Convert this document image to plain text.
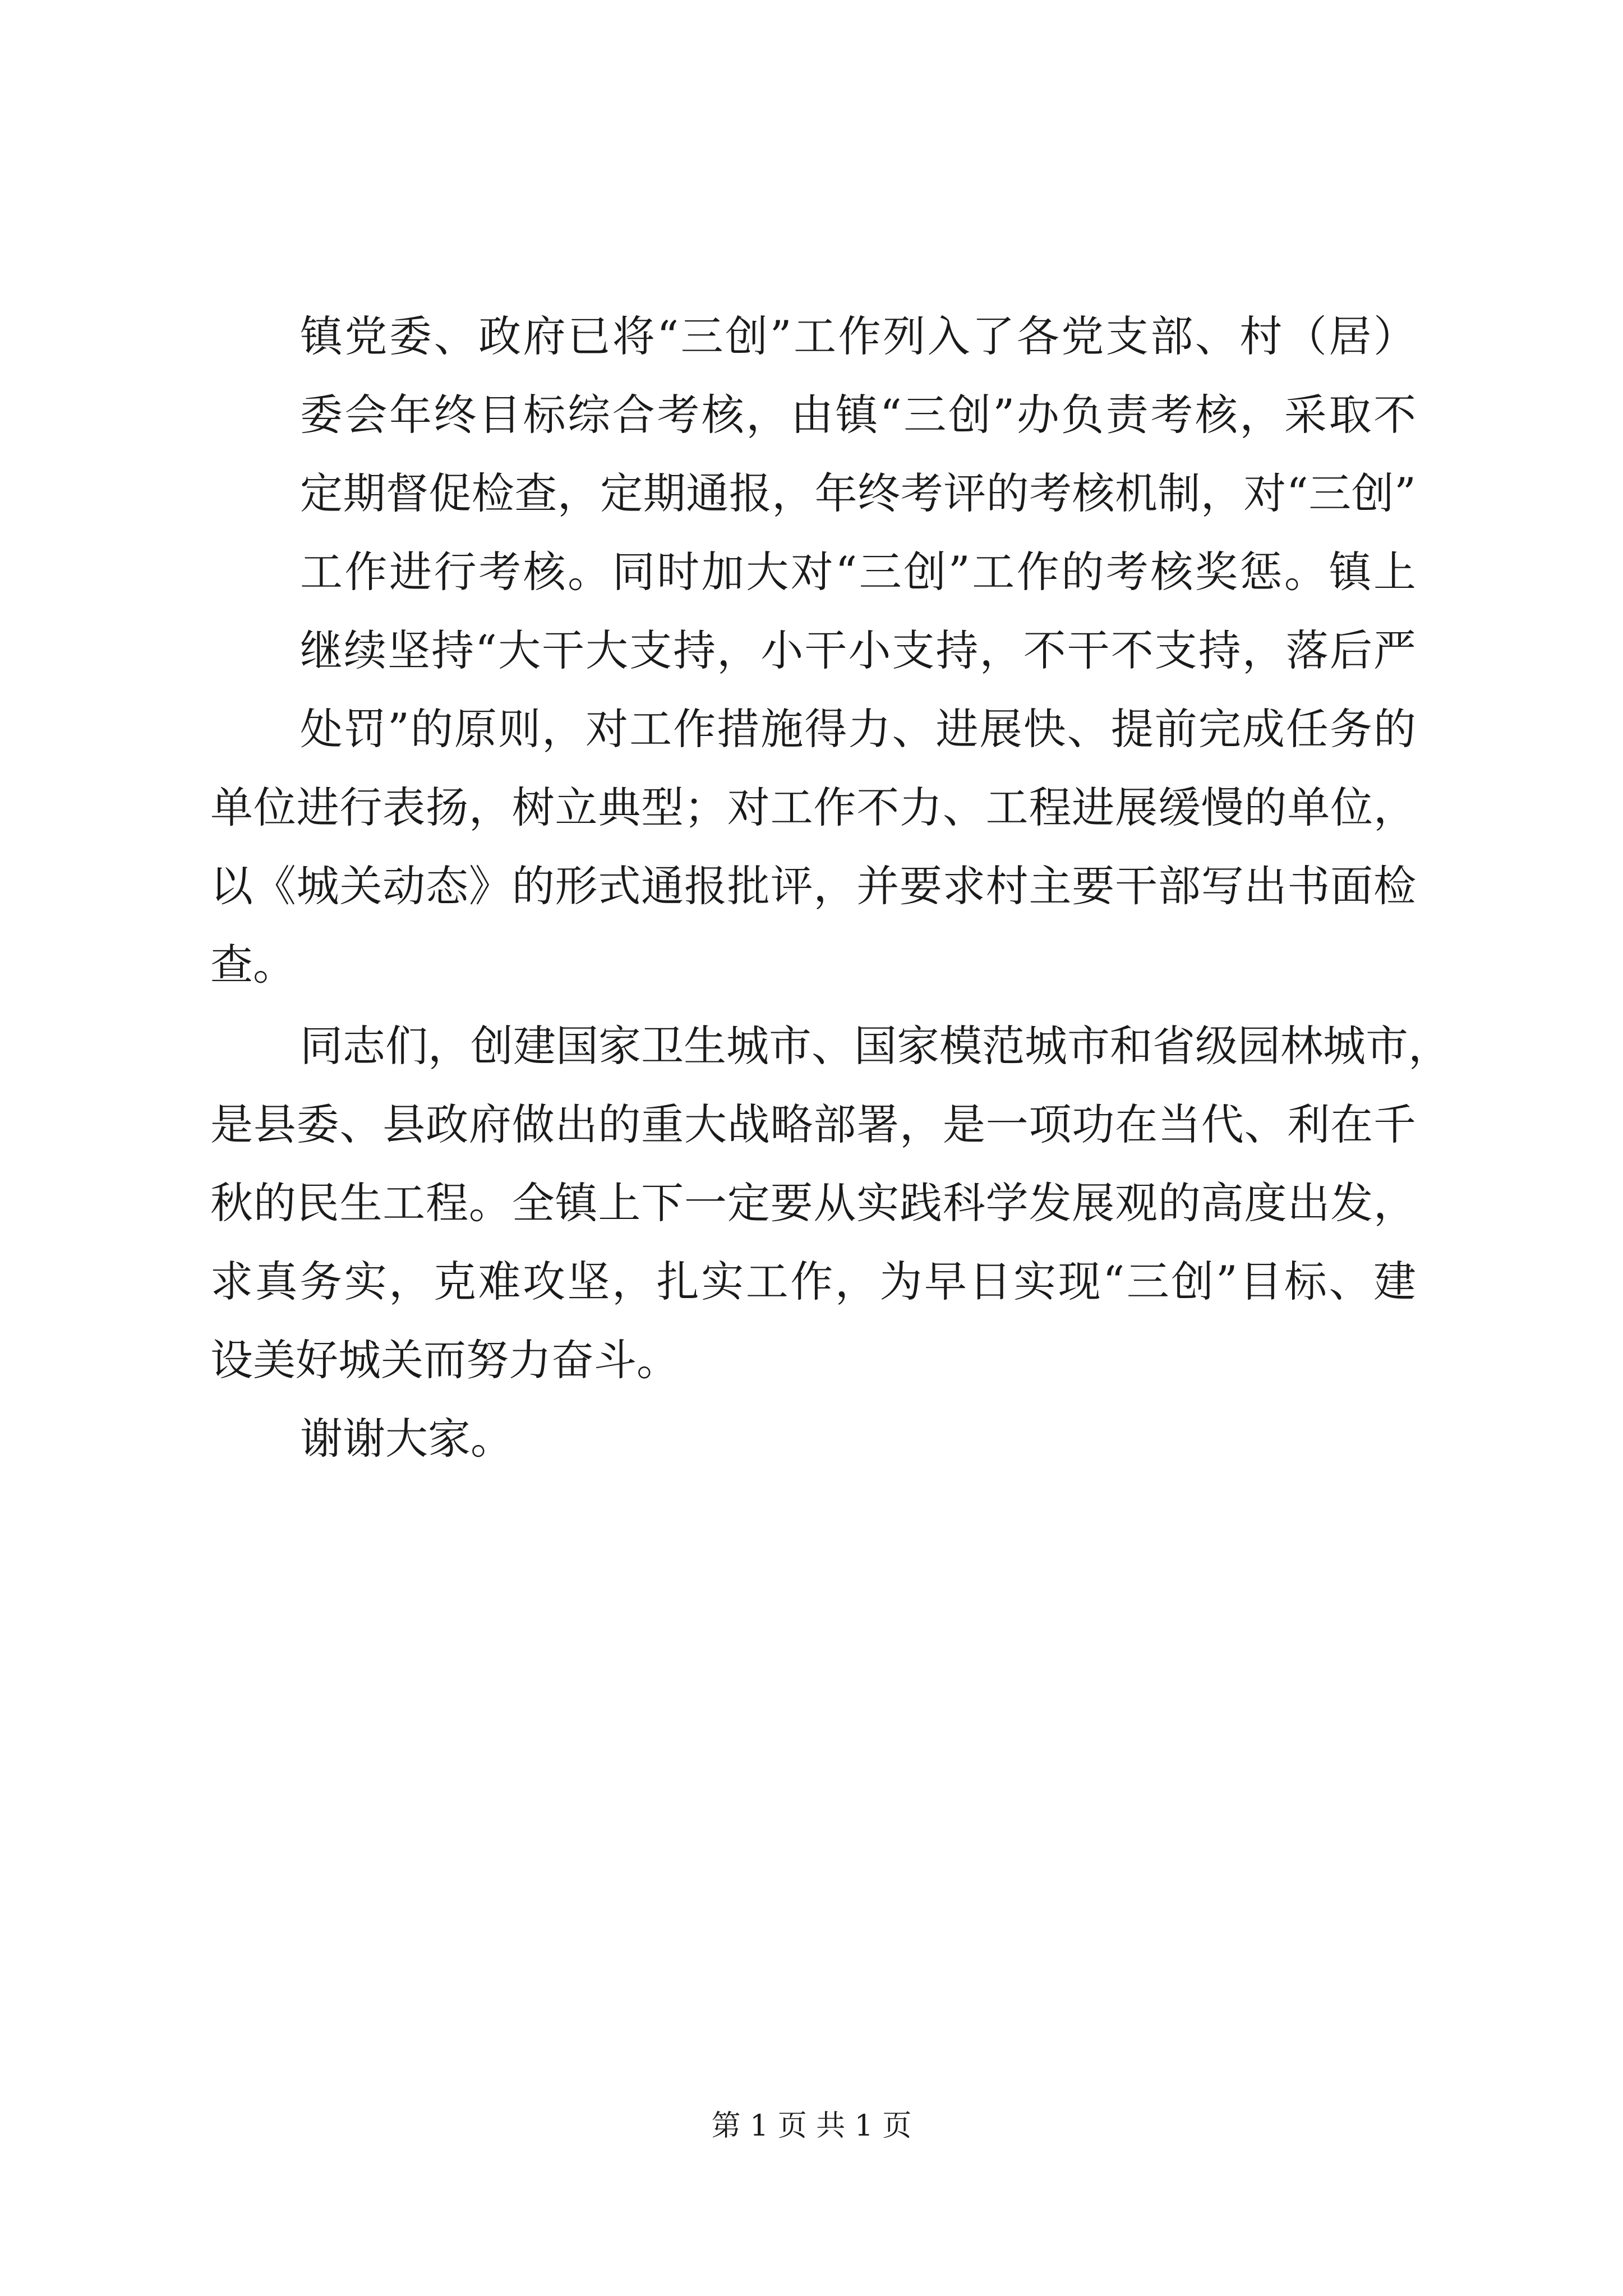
镇党委、政府已将“三创”工作列入了各党支部、村（居）
委会年终目标综合考核，由镇“三创”办负责考核，采取不
定期督促检查，定期通报，年终考评的考核机制，对“三创”
工作进行考核。同时加大对“三创”工作的考核奖惩。镇上
继续坚持“大干大支持，小干小支持，不干不支持，落后严
处罚”的原则，对工作措施得力、进展快、提前完成任务的
单位进行表扬，树立典型；对工作不力、工程进展缓慢的单位，
以《城关动态》的形式通报批评，并要求村主要干部写出书面检
查。
同志们，创建国家卫生城市、国家模范城市和省级园林城市，
是县委、县政府做出的重大战略部署，是一项功在当代、利在千
秋的民生工程。全镇上下一定要从实践科学发展观的高度出发，
求真务实，克难攻坚，扎实工作，为早日实现“三创”目标、建
设美好城关而努力奋斗。
谢谢大家。
第 1 页 共 1 页
